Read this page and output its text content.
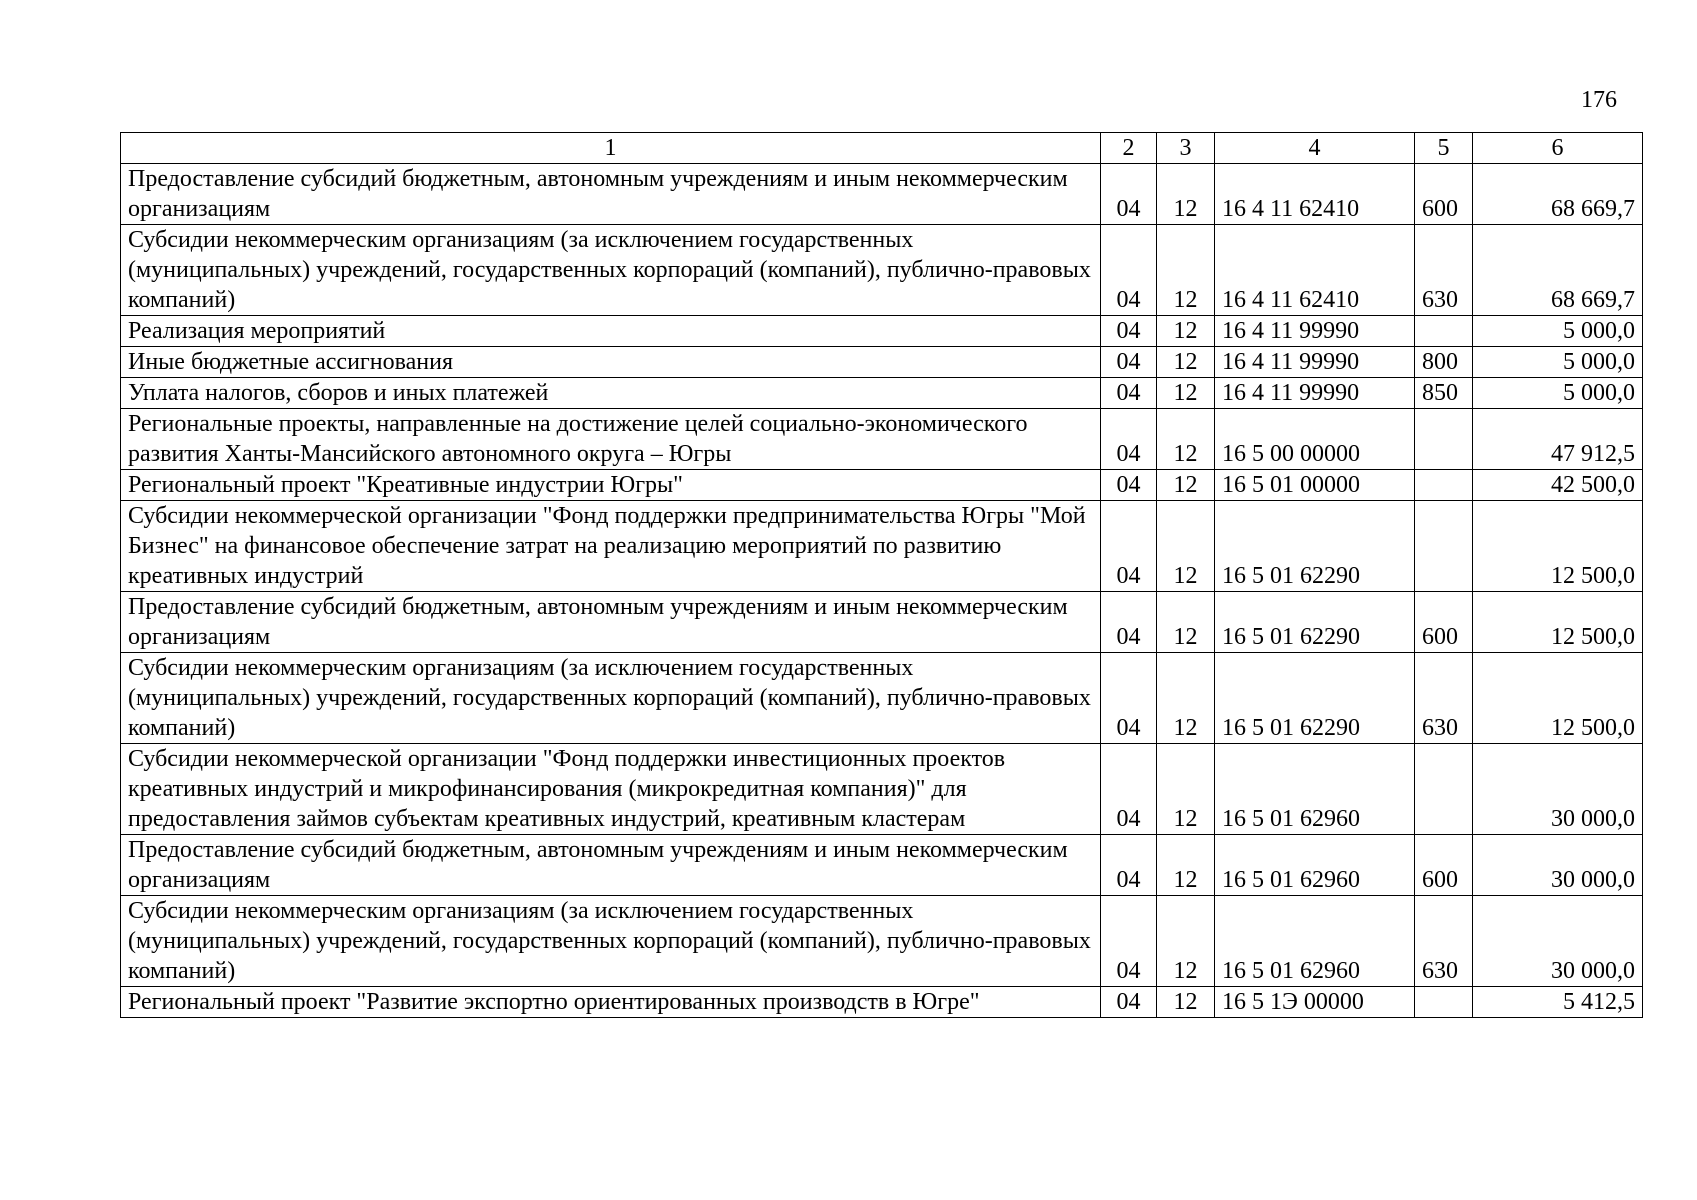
176
1	2	3	4	5	6
Предоставление субсидий бюджетным, автономным учреждениям и иным некоммерческим организациям	04	12	16 4 11 62410	600	68 669,7
Субсидии некоммерческим организациям (за исключением государственных (муниципальных) учреждений, государственных корпораций (компаний), публично-правовых компаний)	04	12	16 4 11 62410	630	68 669,7
Реализация мероприятий	04	12	16 4 11 99990		5 000,0
Иные бюджетные ассигнования	04	12	16 4 11 99990	800	5 000,0
Уплата налогов, сборов и иных платежей	04	12	16 4 11 99990	850	5 000,0
Региональные проекты, направленные на достижение целей социально-экономического развития Ханты-Мансийского автономного округа – Югры	04	12	16 5 00 00000		47 912,5
Региональный проект "Креативные индустрии Югры"	04	12	16 5 01 00000		42 500,0
Субсидии некоммерческой организации "Фонд поддержки предпринимательства Югры "Мой Бизнес" на финансовое обеспечение затрат на реализацию мероприятий по развитию креативных индустрий	04	12	16 5 01 62290		12 500,0
Предоставление субсидий бюджетным, автономным учреждениям и иным некоммерческим организациям	04	12	16 5 01 62290	600	12 500,0
Субсидии некоммерческим организациям (за исключением государственных (муниципальных) учреждений, государственных корпораций (компаний), публично-правовых компаний)	04	12	16 5 01 62290	630	12 500,0
Субсидии некоммерческой организации "Фонд поддержки инвестиционных проектов креативных индустрий и микрофинансирования (микрокредитная компания)" для предоставления займов субъектам креативных индустрий, креативным кластерам	04	12	16 5 01 62960		30 000,0
Предоставление субсидий бюджетным, автономным учреждениям и иным некоммерческим организациям	04	12	16 5 01 62960	600	30 000,0
Субсидии некоммерческим организациям (за исключением государственных (муниципальных) учреждений, государственных корпораций (компаний), публично-правовых компаний)	04	12	16 5 01 62960	630	30 000,0
Региональный проект "Развитие экспортно ориентированных производств в Югре"	04	12	16 5 1Э 00000		5 412,5
